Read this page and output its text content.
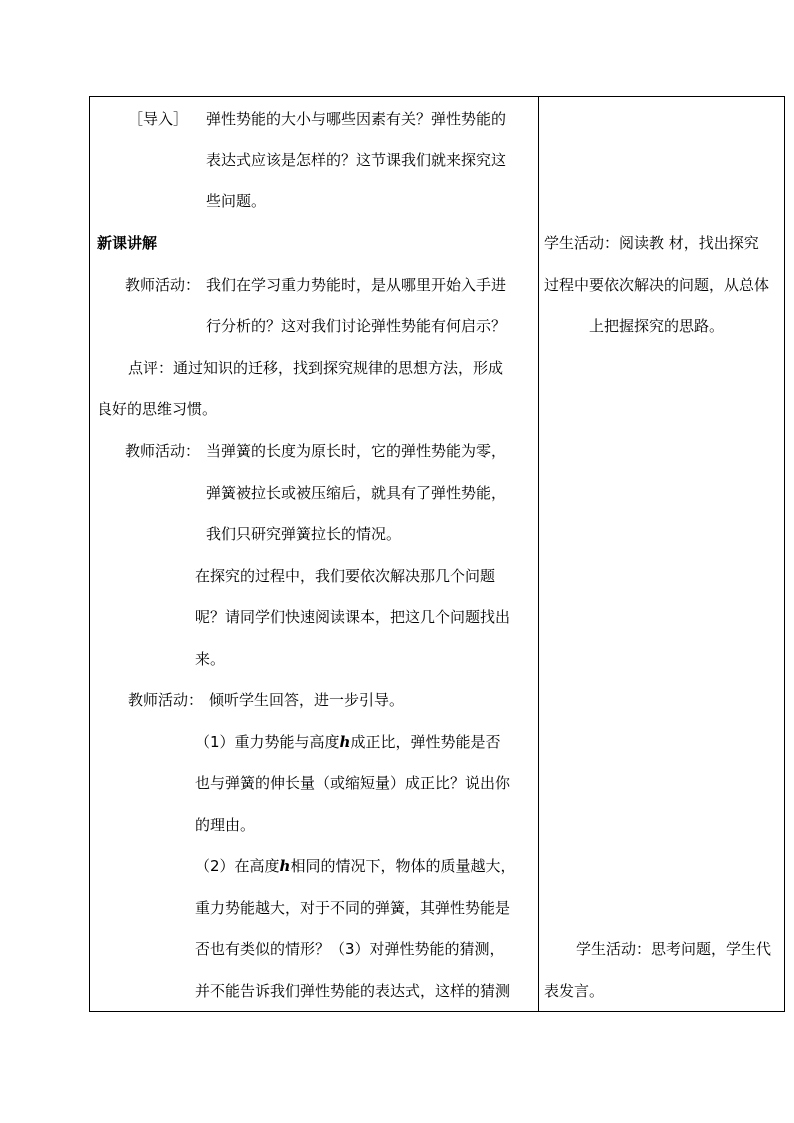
［导入］ 弹性势能的大小与哪些因素有关？弹性势能的
表达式应该是怎样的？这节课我们就来探究这
些问题。
新课讲解
教师活动： 我们在学习重力势能时，是从哪里开始入手进
行分析的？这对我们讨论弹性势能有何启示？
点评：通过知识的迁移，找到探究规律的思想方法，形成
良好的思维习惯。
教师活动： 当弹簧的长度为原长时，它的弹性势能为零，
弹簧被拉长或被压缩后，就具有了弹性势能，
我们只研究弹簧拉长的情况。
在探究的过程中，我们要依次解决那几个问题
呢？请同学们快速阅读课本，把这几个问题找出
来。
教师活动： 倾听学生回答，进一步引导。
（1）重力势能与高度h成正比，弹性势能是否
也与弹簧的伸长量（或缩短量）成正比？说出你
的理由。
（2）在高度h相同的情况下，物体的质量越大，
重力势能越大，对于不同的弹簧，其弹性势能是
否也有类似的情形？（3）对弹性势能的猜测，
并不能告诉我们弹性势能的表达式，这样的猜测
学生活动：阅读教 材，找出探究
过程中要依次解决的问题，从总体
上把握探究的思路。
学生活动：思考问题，学生代
表发言。
